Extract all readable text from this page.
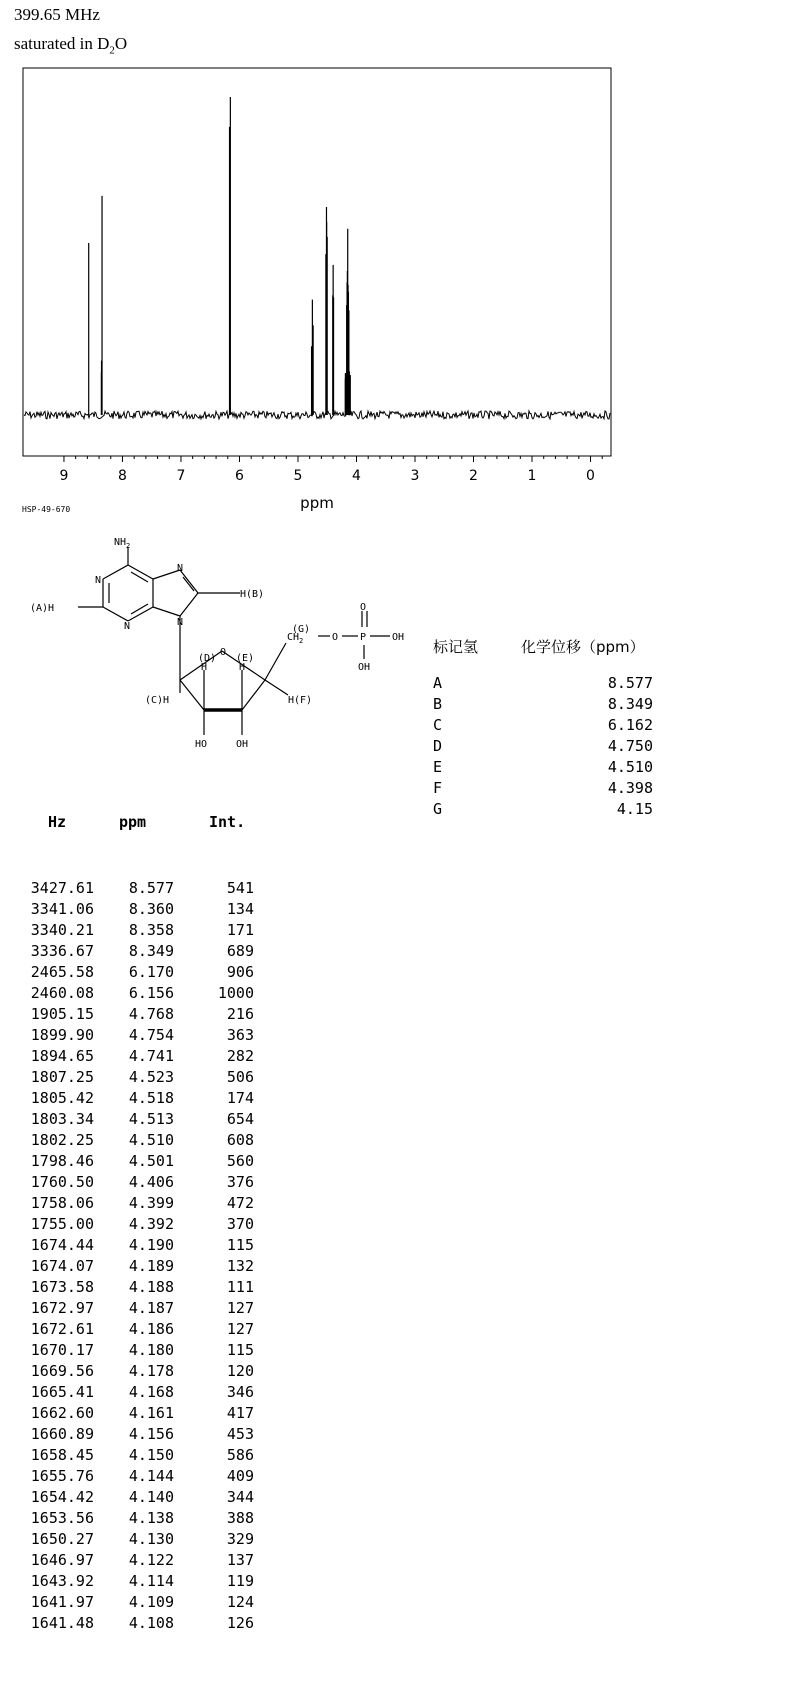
399.65 MHz
saturated in $D_2O$
9	8	7	6	5	4	3	2	1	0
ppm
HSP-49-670
$NH_2$
N
N
N
N
H(B)
(A)H
O
(G)
$CH_2$	O P
O
OH
OH
(D)
H
(E)
H
H(F)
(C)H
HO	OH
标记氢	化学位移（ppm）
A	8.577
B	8.349
C	6.162
D	4.750
E	4.510
F	4.398
G	4.15
Hz	ppm	Int.
3427.61	8.577	541
3341.06	8.360	134
3340.21	8.358	171
3336.67	8.349	689
2465.58	6.170	906
2460.08	6.156	1000
1905.15	4.768	216
1899.90	4.754	363
1894.65	4.741	282
1807.25	4.523	506
1805.42	4.518	174
1803.34	4.513	654
1802.25	4.510	608
1798.46	4.501	560
1760.50	4.406	376
1758.06	4.399	472
1755.00	4.392	370
1674.44	4.190	115
1674.07	4.189	132
1673.58	4.188	111
1672.97	4.187	127
1672.61	4.186	127
1670.17	4.180	115
1669.56	4.178	120
1665.41	4.168	346
1662.60	4.161	417
1660.89	4.156	453
1658.45	4.150	586
1655.76	4.144	409
1654.42	4.140	344
1653.56	4.138	388
1650.27	4.130	329
1646.97	4.122	137
1643.92	4.114	119
1641.97	4.109	124
1641.48	4.108	126
